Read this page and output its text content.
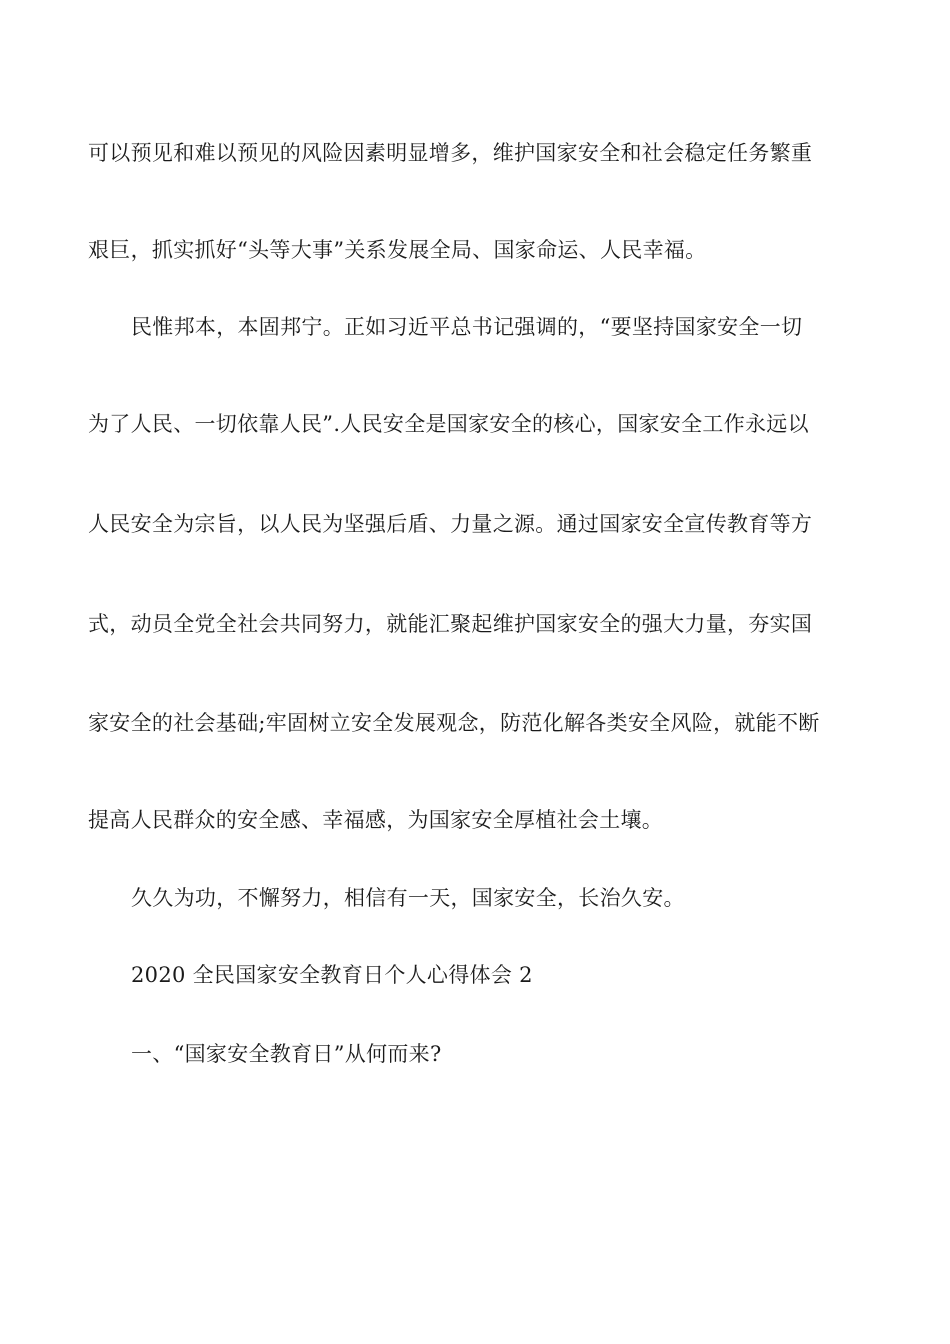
可以预见和难以预见的风险因素明显增多，维护国家安全和社会稳定任务繁重
艰巨，抓实抓好“头等大事”关系发展全局、国家命运、人民幸福。
民惟邦本，本固邦宁。正如习近平总书记强调的，“要坚持国家安全一切
为了人民、一切依靠人民”.人民安全是国家安全的核心，国家安全工作永远以
人民安全为宗旨，以人民为坚强后盾、力量之源。通过国家安全宣传教育等方
式，动员全党全社会共同努力，就能汇聚起维护国家安全的强大力量，夯实国
家安全的社会基础;牢固树立安全发展观念，防范化解各类安全风险，就能不断
提高人民群众的安全感、幸福感，为国家安全厚植社会土壤。
久久为功，不懈努力，相信有一天，国家安全，长治久安。
2020 全民国家安全教育日个人心得体会 2
一、“国家安全教育日”从何而来?
